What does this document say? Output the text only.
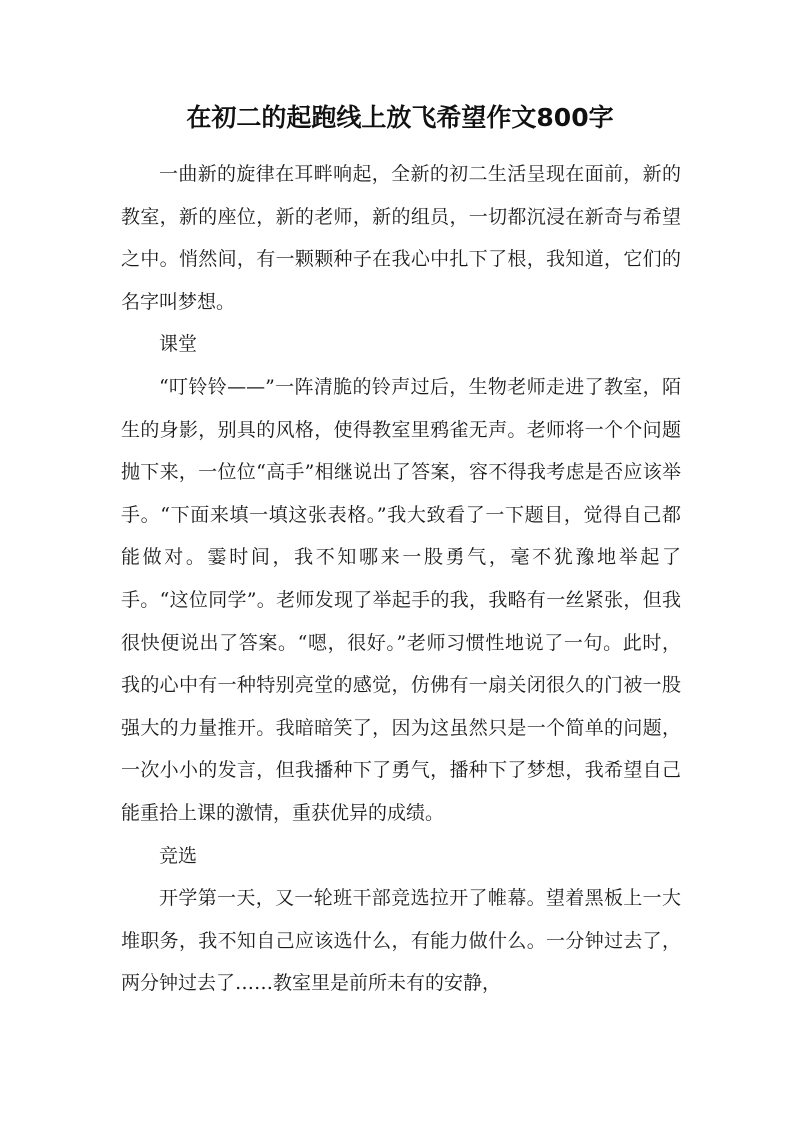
在初二的起跑线上放飞希望作文800字

一曲新的旋律在耳畔响起，全新的初二生活呈现在面前，新的教室，新的座位，新的老师，新的组员，一切都沉浸在新奇与希望之中。悄然间，有一颗颗种子在我心中扎下了根，我知道，它们的名字叫梦想。

课堂

“叮铃铃——”一阵清脆的铃声过后，生物老师走进了教室，陌生的身影，别具的风格，使得教室里鸦雀无声。老师将一个个问题抛下来，一位位“高手”相继说出了答案，容不得我考虑是否应该举手。“下面来填一填这张表格。”我大致看了一下题目，觉得自己都能做对。霎时间，我不知哪来一股勇气，毫不犹豫地举起了手。“这位同学”。老师发现了举起手的我，我略有一丝紧张，但我很快便说出了答案。“嗯，很好。”老师习惯性地说了一句。此时，我的心中有一种特别亮堂的感觉，仿佛有一扇关闭很久的门被一股强大的力量推开。我暗暗笑了，因为这虽然只是一个简单的问题，一次小小的发言，但我播种下了勇气，播种下了梦想，我希望自己能重拾上课的激情，重获优异的成绩。

竞选

开学第一天，又一轮班干部竞选拉开了帷幕。望着黑板上一大堆职务，我不知自己应该选什么，有能力做什么。一分钟过去了，两分钟过去了……教室里是前所未有的安静，
